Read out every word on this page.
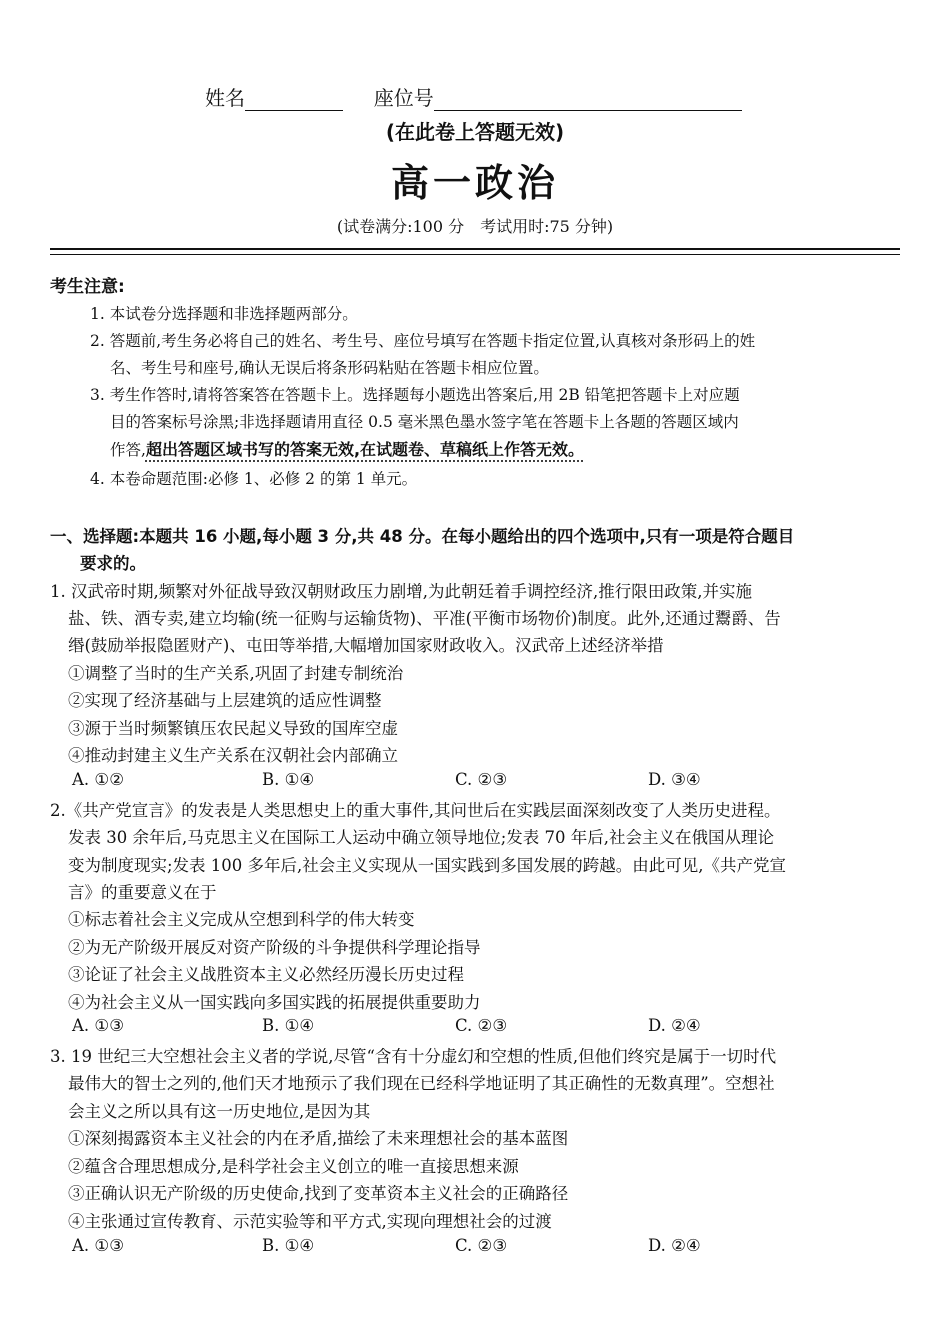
姓名	座位号
(在此卷上答题无效)
高一政治
(试卷满分:100 分　考试用时:75 分钟)
考生注意:
1. 本试卷分选择题和非选择题两部分。
2. 答题前,考生务必将自己的姓名、考生号、座位号填写在答题卡指定位置,认真核对条形码上的姓
名、考生号和座号,确认无误后将条形码粘贴在答题卡相应位置。
3. 考生作答时,请将答案答在答题卡上。选择题每小题选出答案后,用 2B 铅笔把答题卡上对应题
目的答案标号涂黑;非选择题请用直径 0.5 毫米黑色墨水签字笔在答题卡上各题的答题区域内
作答,超出答题区域书写的答案无效,在试题卷、草稿纸上作答无效。
4. 本卷命题范围:必修 1、必修 2 的第 1 单元。
一、选择题:本题共 16 小题,每小题 3 分,共 48 分。在每小题给出的四个选项中,只有一项是符合题目
要求的。
1. 汉武帝时期,频繁对外征战导致汉朝财政压力剧增,为此朝廷着手调控经济,推行限田政策,并实施
盐、铁、酒专卖,建立均输(统一征购与运输货物)、平准(平衡市场物价)制度。此外,还通过鬻爵、告
缗(鼓励举报隐匿财产)、屯田等举措,大幅增加国家财政收入。汉武帝上述经济举措
①调整了当时的生产关系,巩固了封建专制统治
②实现了经济基础与上层建筑的适应性调整
③源于当时频繁镇压农民起义导致的国库空虚
④推动封建主义生产关系在汉朝社会内部确立
A. ①②	B. ①④	C. ②③	D. ③④
2.《共产党宣言》的发表是人类思想史上的重大事件,其问世后在实践层面深刻改变了人类历史进程。
发表 30 余年后,马克思主义在国际工人运动中确立领导地位;发表 70 年后,社会主义在俄国从理论
变为制度现实;发表 100 多年后,社会主义实现从一国实践到多国发展的跨越。由此可见,《共产党宣
言》的重要意义在于
①标志着社会主义完成从空想到科学的伟大转变
②为无产阶级开展反对资产阶级的斗争提供科学理论指导
③论证了社会主义战胜资本主义必然经历漫长历史过程
④为社会主义从一国实践向多国实践的拓展提供重要助力
A. ①③	B. ①④	C. ②③	D. ②④
3. 19 世纪三大空想社会主义者的学说,尽管“含有十分虚幻和空想的性质,但他们终究是属于一切时代
最伟大的智士之列的,他们天才地预示了我们现在已经科学地证明了其正确性的无数真理”。空想社
会主义之所以具有这一历史地位,是因为其
①深刻揭露资本主义社会的内在矛盾,描绘了未来理想社会的基本蓝图
②蕴含合理思想成分,是科学社会主义创立的唯一直接思想来源
③正确认识无产阶级的历史使命,找到了变革资本主义社会的正确路径
④主张通过宣传教育、示范实验等和平方式,实现向理想社会的过渡
A. ①③	B. ①④	C. ②③	D. ②④
